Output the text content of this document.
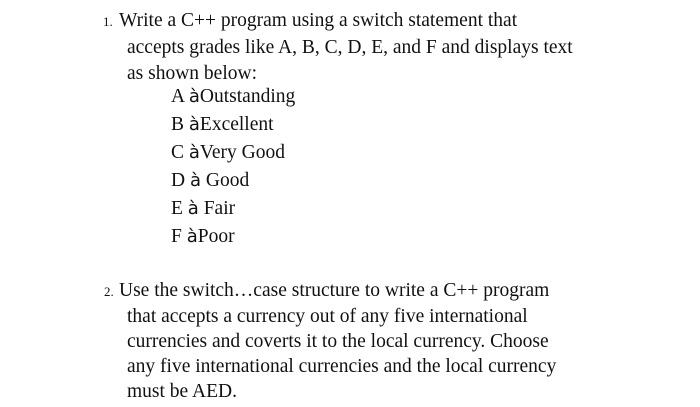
1. Write a C++ program using a switch statement that
accepts grades like A, B, C, D, E, and F and displays text
as shown below:
A àOutstanding
B àExcellent
C àVery Good
D à Good
E à Fair
F àPoor
2. Use the switch…case structure to write a C++ program
that accepts a currency out of any five international
currencies and coverts it to the local currency. Choose
any five international currencies and the local currency
must be AED.
